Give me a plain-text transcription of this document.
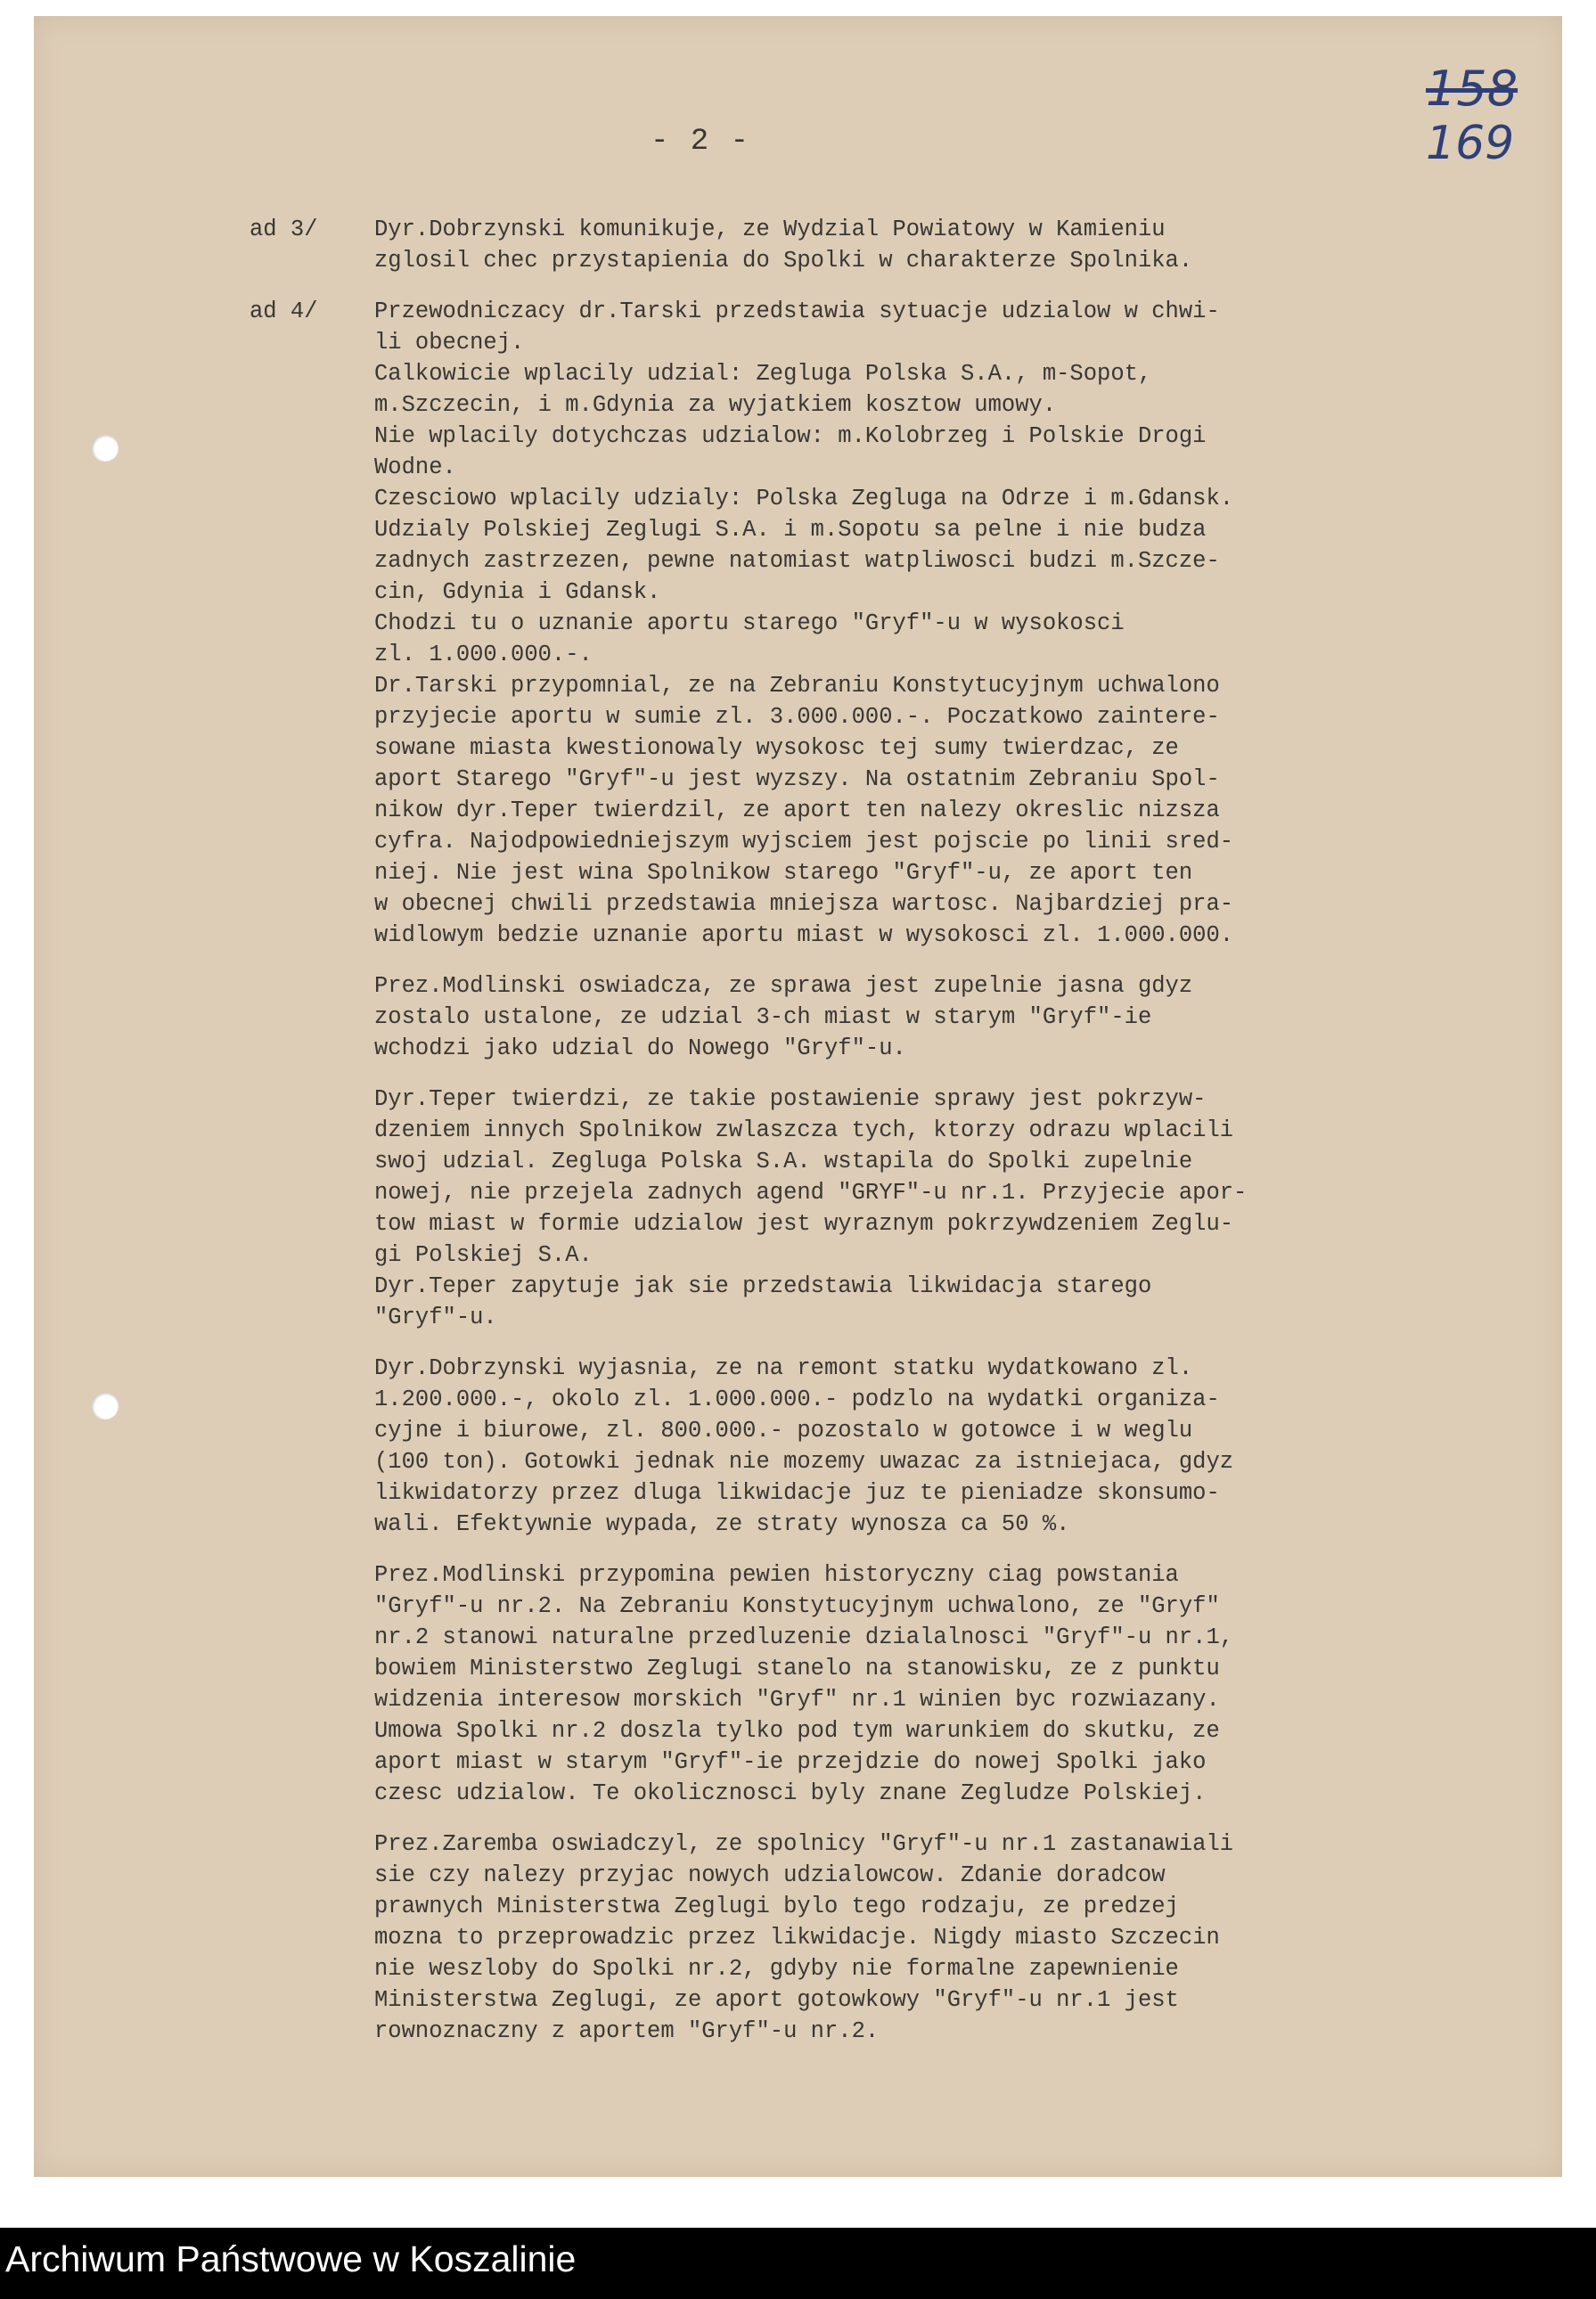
- 2 -
158
169
ad 3/	Dyr.Dobrzynski komunikuje, ze Wydzial Powiatowy w Kamieniu
zglosil chec przystapienia do Spolki w charakterze Spolnika.
ad 4/	Przewodniczacy dr.Tarski przedstawia sytuacje udzialow w chwi-
li obecnej.
Calkowicie wplacily udzial: Zegluga Polska S.A., m-Sopot,
m.Szczecin, i m.Gdynia za wyjatkiem kosztow umowy.
Nie wplacily dotychczas udzialow: m.Kolobrzeg i Polskie Drogi
Wodne.
Czesciowo wplacily udzialy: Polska Zegluga na Odrze i m.Gdansk.
Udzialy Polskiej Zeglugi S.A. i m.Sopotu sa pelne i nie budza
zadnych zastrzezen, pewne natomiast watpliwosci budzi m.Szcze-
cin, Gdynia i Gdansk.
Chodzi tu o uznanie aportu starego "Gryf"-u w wysokosci
zl. 1.000.000.-.
Dr.Tarski przypomnial, ze na Zebraniu Konstytucyjnym uchwalono
przyjecie aportu w sumie zl. 3.000.000.-. Poczatkowo zaintere-
sowane miasta kwestionowaly wysokosc tej sumy twierdzac, ze
aport Starego "Gryf"-u jest wyzszy. Na ostatnim Zebraniu Spol-
nikow dyr.Teper twierdzil, ze aport ten nalezy okreslic nizsza
cyfra. Najodpowiedniejszym wyjsciem jest pojscie po linii sred-
niej. Nie jest wina Spolnikow starego "Gryf"-u, ze aport ten
w obecnej chwili przedstawia mniejsza wartosc. Najbardziej pra-
widlowym bedzie uznanie aportu miast w wysokosci zl. 1.000.000.
Prez.Modlinski oswiadcza, ze sprawa jest zupelnie jasna gdyz
zostalo ustalone, ze udzial 3-ch miast w starym "Gryf"-ie
wchodzi jako udzial do Nowego "Gryf"-u.
Dyr.Teper twierdzi, ze takie postawienie sprawy jest pokrzyw-
dzeniem innych Spolnikow zwlaszcza tych, ktorzy odrazu wplacili
swoj udzial. Zegluga Polska S.A. wstapila do Spolki zupelnie
nowej, nie przejela zadnych agend "GRYF"-u nr.1. Przyjecie apor-
tow miast w formie udzialow jest wyraznym pokrzywdzeniem Zeglu-
gi Polskiej S.A.
Dyr.Teper zapytuje jak sie przedstawia likwidacja starego
"Gryf"-u.
Dyr.Dobrzynski wyjasnia, ze na remont statku wydatkowano zl.
1.200.000.-, okolo zl. 1.000.000.- podzlo na wydatki organiza-
cyjne i biurowe, zl. 800.000.- pozostalo w gotowce i w weglu
(100 ton). Gotowki jednak nie mozemy uwazac za istniejaca, gdyz
likwidatorzy przez dluga likwidacje juz te pieniadze skonsumo-
wali. Efektywnie wypada, ze straty wynosza ca 50 %.
Prez.Modlinski przypomina pewien historyczny ciag powstania
"Gryf"-u nr.2. Na Zebraniu Konstytucyjnym uchwalono, ze "Gryf"
nr.2 stanowi naturalne przedluzenie dzialalnosci "Gryf"-u nr.1,
bowiem Ministerstwo Zeglugi stanelo na stanowisku, ze z punktu
widzenia interesow morskich "Gryf" nr.1 winien byc rozwiazany.
Umowa Spolki nr.2 doszla tylko pod tym warunkiem do skutku, ze
aport miast w starym "Gryf"-ie przejdzie do nowej Spolki jako
czesc udzialow. Te okolicznosci byly znane Zegludze Polskiej.
Prez.Zaremba oswiadczyl, ze spolnicy "Gryf"-u nr.1 zastanawiali
sie czy nalezy przyjac nowych udzialowcow. Zdanie doradcow
prawnych Ministerstwa Zeglugi bylo tego rodzaju, ze predzej
mozna to przeprowadzic przez likwidacje. Nigdy miasto Szczecin
nie weszloby do Spolki nr.2, gdyby nie formalne zapewnienie
Ministerstwa Zeglugi, ze aport gotowkowy "Gryf"-u nr.1 jest
rownoznaczny z aportem "Gryf"-u nr.2.
Archiwum Państwowe w Koszalinie
